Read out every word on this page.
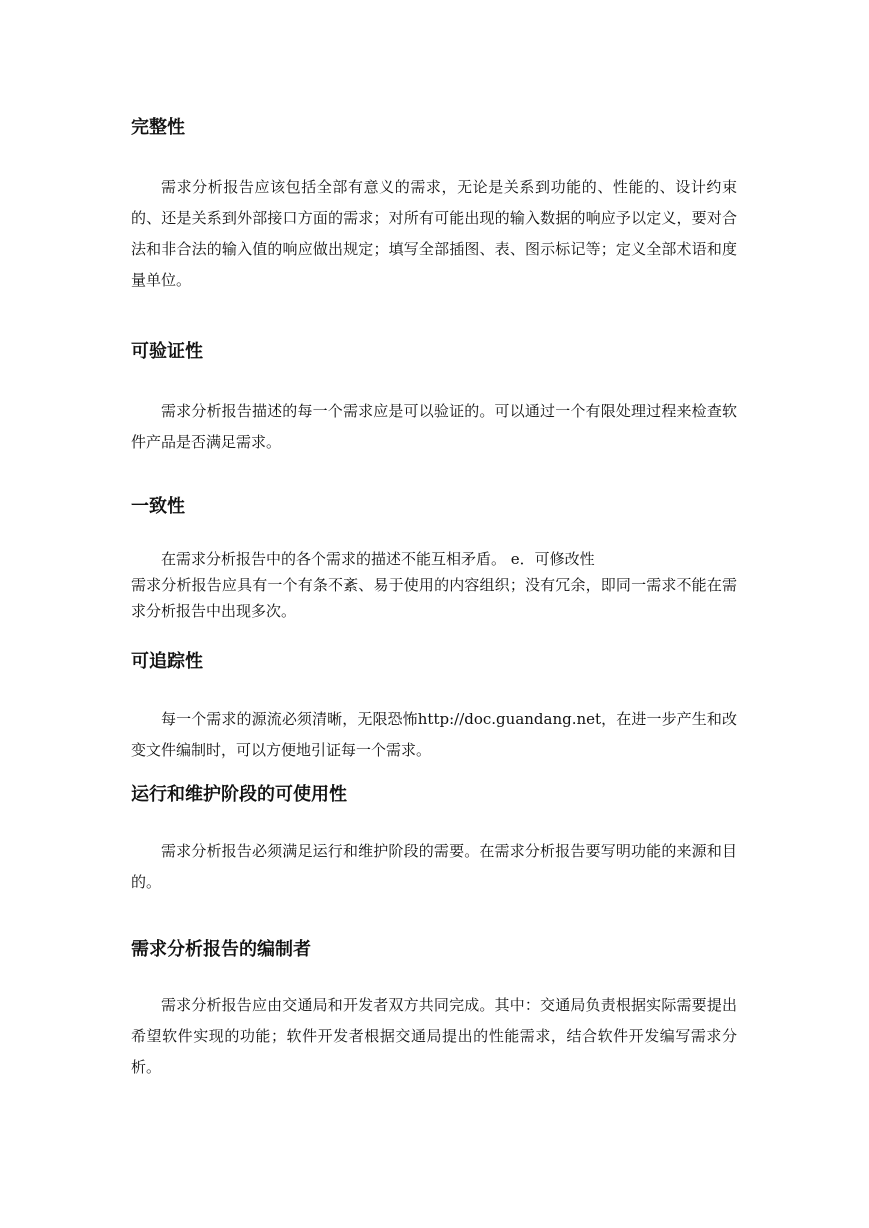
完整性

需求分析报告应该包括全部有意义的需求，无论是关系到功能的、性能的、设计约束的、还是关系到外部接口方面的需求；对所有可能出现的输入数据的响应予以定义，要对合法和非合法的输入值的响应做出规定；填写全部插图、表、图示标记等；定义全部术语和度量单位。

可验证性

需求分析报告描述的每一个需求应是可以验证的。可以通过一个有限处理过程来检查软件产品是否满足需求。

一致性

在需求分析报告中的各个需求的描述不能互相矛盾。 e．可修改性

需求分析报告应具有一个有条不紊、易于使用的内容组织；没有冗余，即同一需求不能在需求分析报告中出现多次。

可追踪性

每一个需求的源流必须清晰，无限恐怖http://doc.guandang.net，在进一步产生和改变文件编制时，可以方便地引证每一个需求。

运行和维护阶段的可使用性

需求分析报告必须满足运行和维护阶段的需要。在需求分析报告要写明功能的来源和目的。

需求分析报告的编制者

需求分析报告应由交通局和开发者双方共同完成。其中：交通局负责根据实际需要提出希望软件实现的功能；软件开发者根据交通局提出的性能需求，结合软件开发编写需求分析。
